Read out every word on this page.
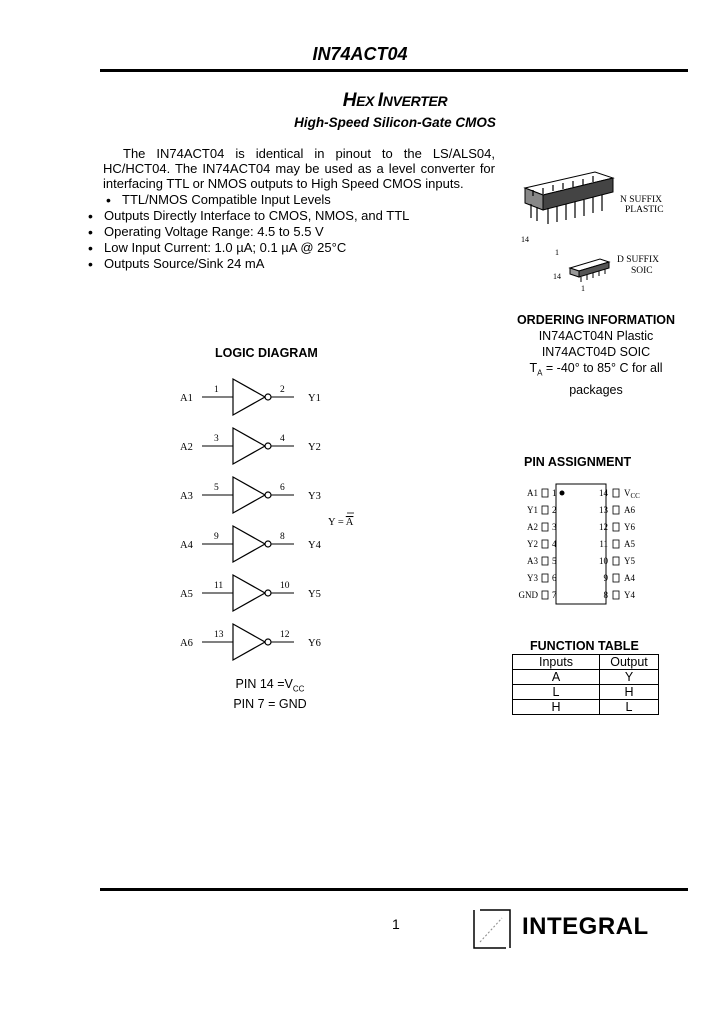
IN74ACT04
HEX INVERTER
High-Speed Silicon-Gate CMOS
The IN74ACT04 is identical in pinout to the LS/ALS04, HC/HCT04. The IN74ACT04 may be used as a level converter for interfacing TTL or NMOS outputs to High Speed CMOS inputs.
• TTL/NMOS Compatible Input Levels
• Outputs Directly Interface to CMOS, NMOS, and TTL
• Operating Voltage Range: 4.5 to 5.5 V
• Low Input Current: 1.0 µA; 0.1 µA @ 25°C
• Outputs Source/Sink 24 mA
14
1
N SUFFIX
PLASTIC
14
1
D SUFFIX
SOIC
ORDERING INFORMATION
IN74ACT04N Plastic
IN74ACT04D SOIC
$T_A = -40^\circ$ to 85° C for all
packages
LOGIC DIAGRAM
A1
1	2
Y1
A2
3	4
Y2
A3
5	6
Y3
A4
9	8
Y4
A5
11	10
Y5
A6
13	12
Y6
Y = A
PIN $14 =V_{CC}$
PIN 7 = GND
PIN ASSIGNMENT
A1 1	14 $V_{CC}$
Y1 2	13 A6
A2 3	12 Y6
Y2 4	11 A5
A3 5	10 Y5
Y3 6	9 A4
GND 7	8 Y4
FUNCTION TABLE
Inputs	Output
A	Y
L	H
H	L
1	INTEGRAL
